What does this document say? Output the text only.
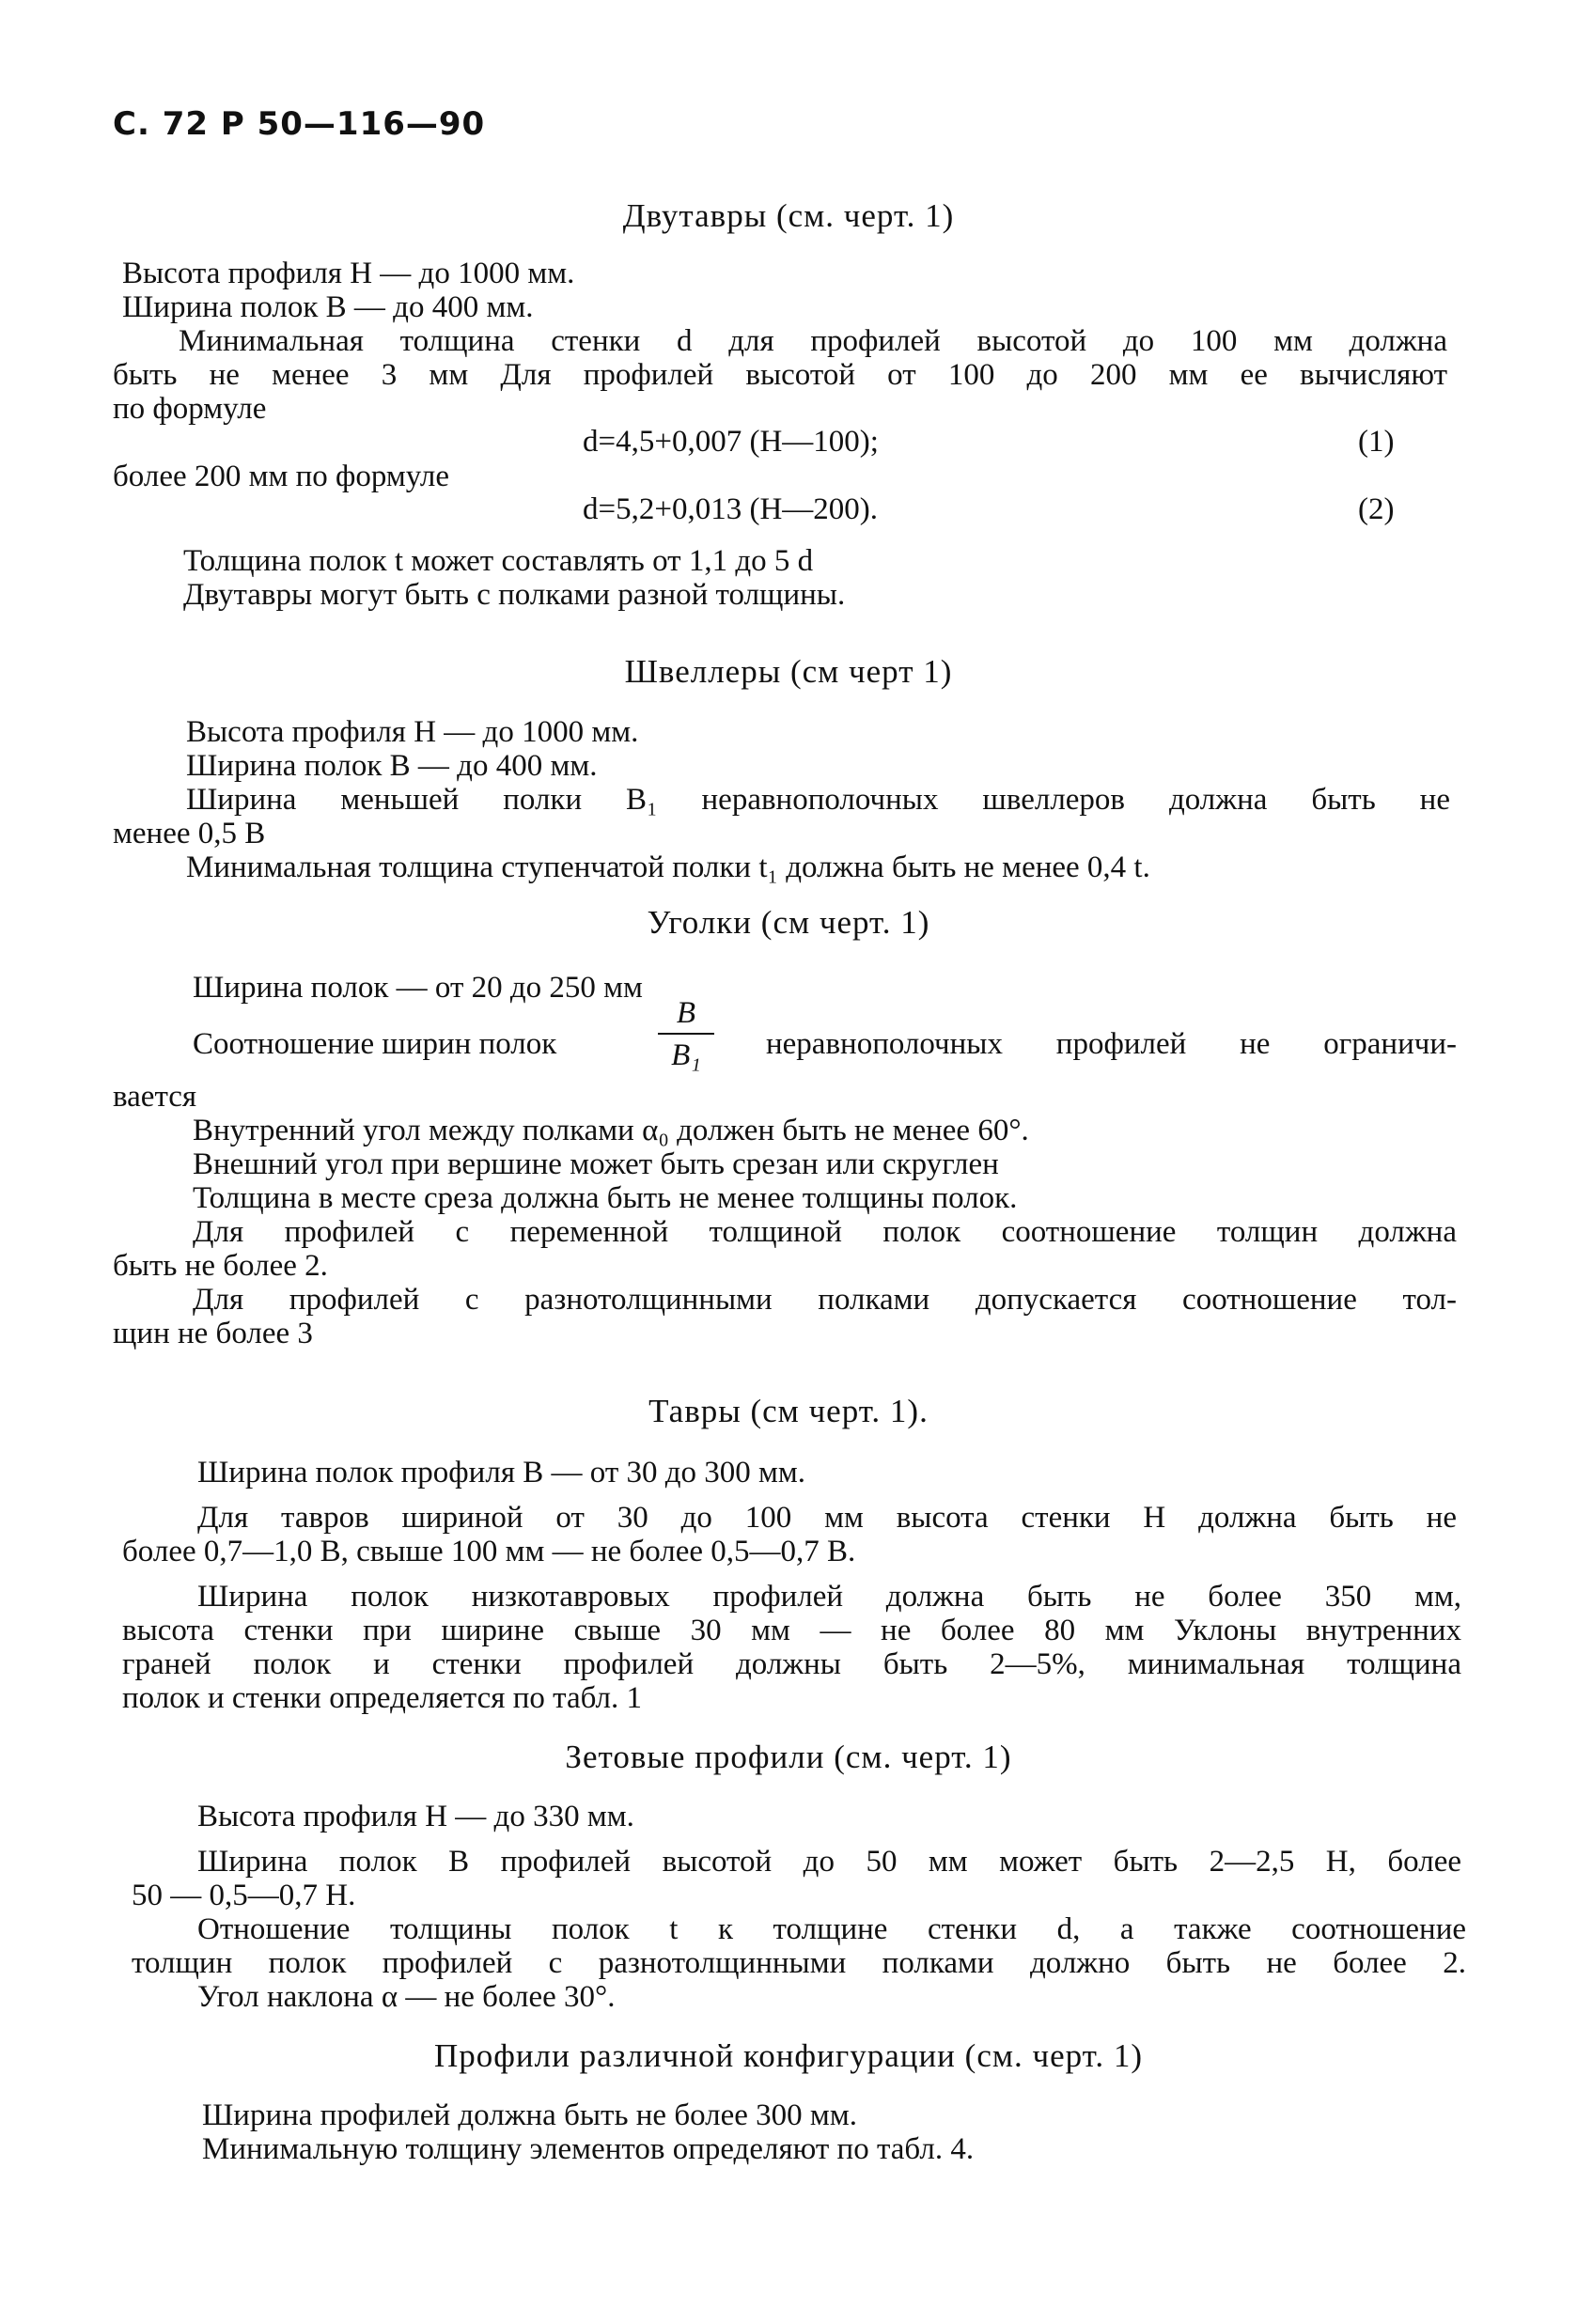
С. 72 Р 50—116—90
Двутавры (см. черт. 1)
Высота профиля H — до 1000 мм.
Ширина полок B — до 400 мм.
Минимальная толщина стенки d для профилей высотой до 100 мм должна
быть не менее 3 мм Для профилей высотой от 100 до 200 мм ее вычисляют
по формуле
d=4,5+0,007 (H—100);	(1)
более 200 мм по формуле
d=5,2+0,013 (H—200).	(2)
Толщина полок t может составлять от 1,1 до 5 d
Двутавры могут быть с полками разной толщины.
Швеллеры (см черт 1)
Высота профиля H — до 1000 мм.
Ширина полок B — до 400 мм.
Ширина меньшей полки B₁ неравнополочных швеллеров должна быть не
менее 0,5 B
Минимальная толщина ступенчатой полки t₁ должна быть не менее 0,4 t.
Уголки (см черт. 1)
Ширина полок — от 20 до 250 мм
Соотношение ширин полок
B
B₁	неравнополочных профилей не ограничи-
вается
Внутренний угол между полками α₀ должен быть не менее 60°.
Внешний угол при вершине может быть срезан или скруглен
Толщина в месте среза должна быть не менее толщины полок.
Для профилей с переменной толщиной полок соотношение толщин должна
быть не более 2.
Для профилей с разнотолщинными полками допускается соотношение тол-
щин не более 3
Тавры (см черт. 1).
Ширина полок профиля B — от 30 до 300 мм.
Для тавров шириной от 30 до 100 мм высота стенки H должна быть не
более 0,7—1,0 B, свыше 100 мм — не более 0,5—0,7 B.
Ширина полок низкотавровых профилей должна быть не более 350 мм,
высота стенки при ширине свыше 30 мм — не более 80 мм Уклоны внутренних
граней полок и стенки профилей должны быть 2—5%, минимальная толщина
полок и стенки определяется по табл. 1
Зетовые профили (см. черт. 1)
Высота профиля H — до 330 мм.
Ширина полок B профилей высотой до 50 мм может быть 2—2,5 H, более
50 — 0,5—0,7 H.
Отношение толщины полок t к толщине стенки d, а также соотношение
толщин полок профилей с разнотолщинными полками должно быть не более 2.
Угол наклона α — не более 30°.
Профили различной конфигурации (см. черт. 1)
Ширина профилей должна быть не более 300 мм.
Минимальную толщину элементов определяют по табл. 4.
